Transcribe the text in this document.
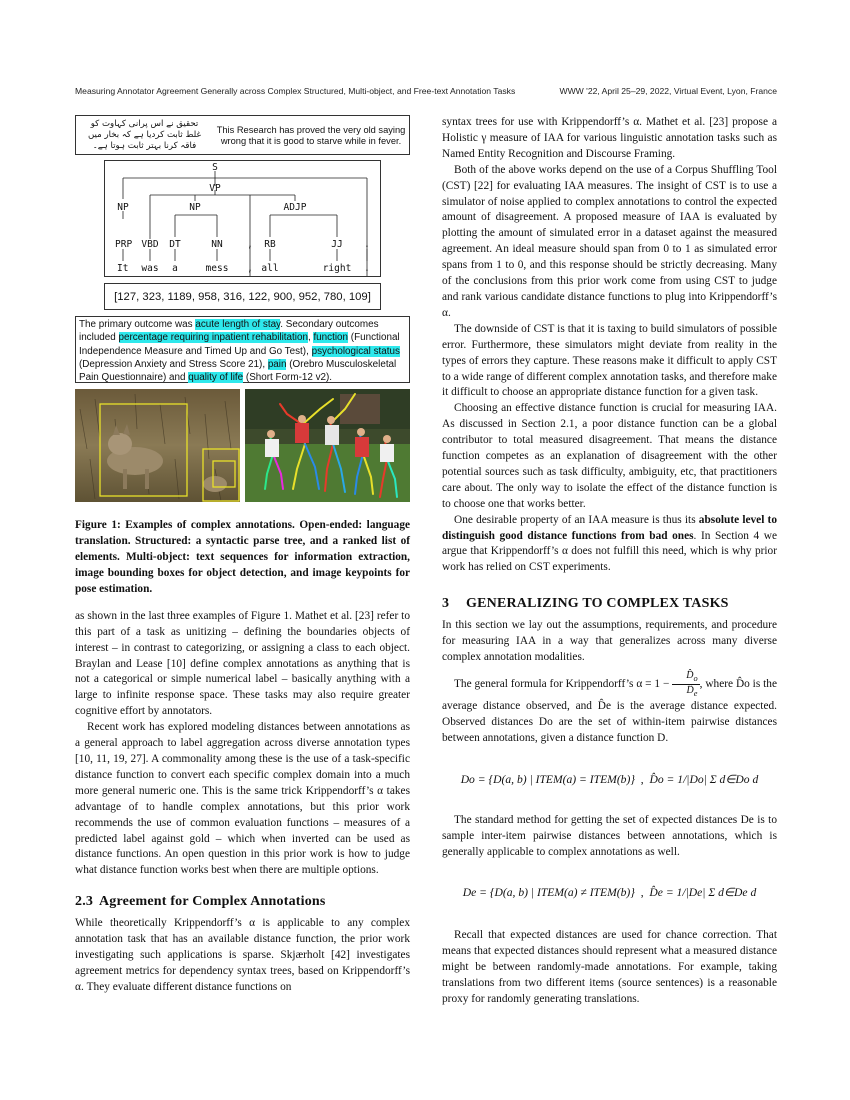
Measuring Annotator Agreement Generally across Complex Structured, Multi-object, and Free-text Annotation Tasks	WWW '22, April 25–29, 2022, Virtual Event, Lyon, France
تحقیق نے اس پرانی کہاوت کو غلط ثابت کردیا ہے کہ بخار میں فاقہ کرنا بہتر ثابت ہوتا ہے۔
This Research has proved the very old saying wrong that it is good to starve while in fever.
S
VP
NP	NP	ADJP
PRP VBD DT	NN	, RB	JJ .
It was a	mess , all	right .
[127, 323, 1189, 958, 316, 122, 900, 952, 780, 109]
The primary outcome was acute length of stay. Secondary outcomes included percentage requiring inpatient rehabilitation, function (Functional Independence Measure and Timed Up and Go Test), psychological status (Depression Anxiety and Stress Score 21), pain (Orebro Musculoskeletal Pain Questionnaire) and quality of life (Short Form-12 v2).

Figure 1: Examples of complex annotations. Open-ended: language translation. Structured: a syntactic parse tree, and a ranked list of elements. Multi-object: text sequences for information extraction, image bounding boxes for object detection, and image keypoints for pose estimation.

as shown in the last three examples of Figure 1. Mathet et al. [23] refer to this part of a task as unitizing – defining the boundaries objects of interest – in contrast to categorizing, or assigning a class to each object. Braylan and Lease [10] define complex annotations as anything that is not a categorical or simple numerical label – basically anything with a large to infinite response space. These tasks may also require greater cognitive effort by annotators.

Recent work has explored modeling distances between annotations as a general approach to label aggregation across diverse annotation types [10, 11, 19, 27]. A commonality among these is the use of a task-specific distance function to convert each specific complex domain into a much more general numeric one. This is the same trick Krippendorff’s α takes advantage of to handle complex annotations, but this prior work recommends the use of common evaluation functions – measures of a predicted label against gold – which when inverted can be used as distance functions. An open question in this prior work is how to judge what distance function works best when there are multiple options.

2.3 Agreement for Complex Annotations

While theoretically Krippendorff’s α is applicable to any complex annotation task that has an available distance function, the prior work investigating such applications is sparse. Skjærholt [42] investigates agreement metrics for dependency syntax trees, based on Krippendorff’s α. They evaluate different distance functions on

syntax trees for use with Krippendorff’s α. Mathet et al. [23] propose a Holistic γ measure of IAA for various linguistic annotation tasks such as Named Entity Recognition and Discourse Framing.

Both of the above works depend on the use of a Corpus Shuffling Tool (CST) [22] for evaluating IAA measures. The insight of CST is to use a simulator of noise applied to complex annotations to control the expected amount of disagreement. A proposed measure of IAA is evaluated by plotting the amount of simulated error in a dataset against the measured agreement. An ideal measure should span from 0 to 1 as simulated error spans from 1 to 0, and this response should be strictly decreasing. Many of the conclusions from this prior work come from using CST to judge and rank various candidate distance functions to plug into Krippendorff’s α.

The downside of CST is that it is taxing to build simulators of possible error. Furthermore, these simulators might deviate from reality in the types of errors they capture. These reasons make it difficult to apply CST to a wide range of different complex annotation tasks, and therefore make it difficult to choose an appropriate distance function for a given task.

Choosing an effective distance function is crucial for measuring IAA. As discussed in Section 2.1, a poor distance function can be a global contributor to total measured disagreement. That means the distance function competes as an explanation of disagreement with the other potential sources such as task difficulty, ambiguity, etc, that practitioners care about. The only way to isolate the effect of the distance function is to choose one that works better.

One desirable property of an IAA measure is thus its absolute level to distinguish good distance functions from bad ones. In Section 4 we argue that Krippendorff’s α does not fulfill this need, which is why prior work has relied on CST experiments.

3 GENERALIZING TO COMPLEX TASKS

In this section we lay out the assumptions, requirements, and procedure for measuring IAA in a way that generalizes across many diverse complex annotation modalities.

The general formula for Krippendorff’s $\alpha = 1 - \frac{D̂_o}{D̂_e}$ , where D̂o is the average distance observed, and D̂e is the average distance expected. Observed distances Do are the set of within-item pairwise distances between annotations, given a distance function D.

Do = {D(a, b) | ITEM(a) = ITEM(b)}  ,  D̂o = 1/|Do| Σ d∈Do d

The standard method for getting the set of expected distances De is to sample inter-item pairwise distances between annotations, which is generally applicable to complex annotations as well.

De = {D(a, b) | ITEM(a) ≠ ITEM(b)}  ,  D̂e = 1/|De| Σ d∈De d

Recall that expected distances are used for chance correction. That means that expected distances should represent what a measured distance might be between randomly-made annotations. For example, taking translations from two different items (source sentences) is a reasonable proxy for randomly generating translations.
